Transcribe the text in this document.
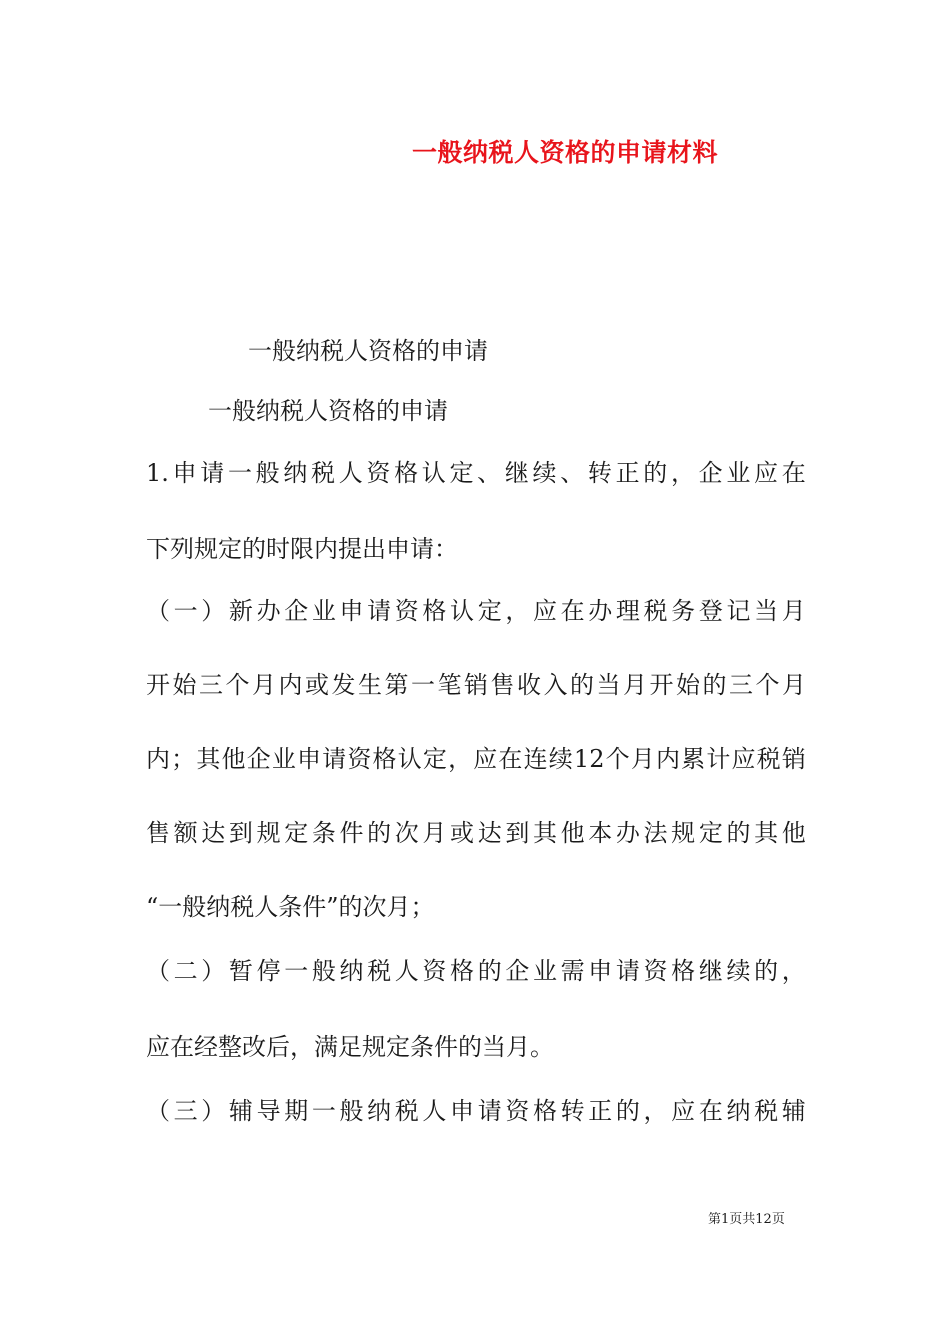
一般纳税人资格的申请材料
一般纳税人资格的申请
一般纳税人资格的申请
1. 申 请 一 般 纳 税 人 资 格 认 定 、 继 续 、 转 正 的 ， 企 业 应 在
下列规定的时限内提出申请：
（ 一 ） 新 办 企 业 申 请 资 格 认 定 ， 应 在 办 理 税 务 登 记 当 月
开 始 三 个 月 内 或 发 生 第 一 笔 销 售 收 入 的 当 月 开 始 的 三 个 月
内 ； 其 他 企 业 申 请 资 格 认 定 ， 应 在 连 续 12 个 月 内 累 计 应 税 销
售 额 达 到 规 定 条 件 的 次 月 或 达 到 其 他 本 办 法 规 定 的 其 他
“一般纳税人条件”的次月；
（ 二 ） 暂 停 一 般 纳 税 人 资 格 的 企 业 需 申 请 资 格 继 续 的 ，
应在经整改后，满足规定条件的当月。
（ 三 ） 辅 导 期 一 般 纳 税 人 申 请 资 格 转 正 的 ， 应 在 纳 税 辅
第1页共12页
